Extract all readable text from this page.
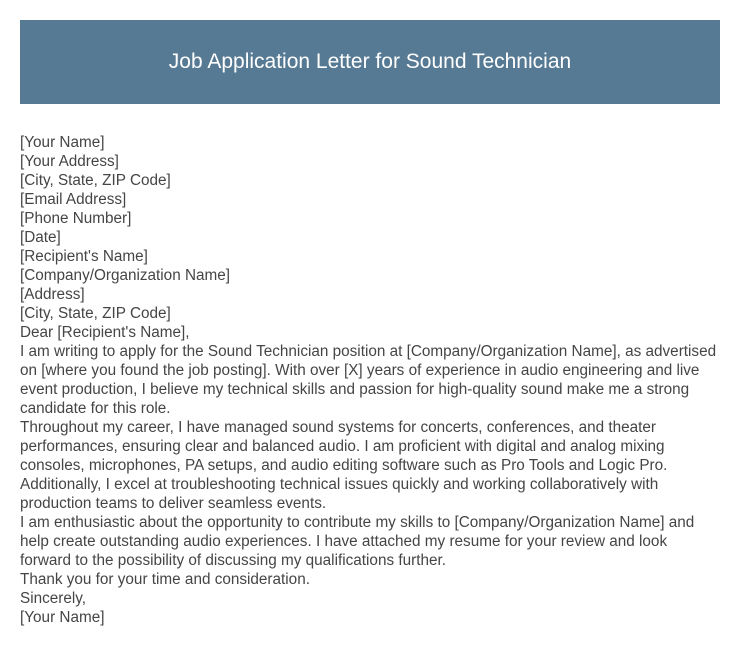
Job Application Letter for Sound Technician
[Your Name]
[Your Address]
[City, State, ZIP Code]
[Email Address]
[Phone Number]
[Date]
[Recipient's Name]
[Company/Organization Name]
[Address]
[City, State, ZIP Code]
Dear [Recipient's Name],
I am writing to apply for the Sound Technician position at [Company/Organization Name], as advertised on [where you found the job posting]. With over [X] years of experience in audio engineering and live event production, I believe my technical skills and passion for high-quality sound make me a strong candidate for this role.
Throughout my career, I have managed sound systems for concerts, conferences, and theater performances, ensuring clear and balanced audio. I am proficient with digital and analog mixing consoles, microphones, PA setups, and audio editing software such as Pro Tools and Logic Pro. Additionally, I excel at troubleshooting technical issues quickly and working collaboratively with production teams to deliver seamless events.
I am enthusiastic about the opportunity to contribute my skills to [Company/Organization Name] and help create outstanding audio experiences. I have attached my resume for your review and look forward to the possibility of discussing my qualifications further.
Thank you for your time and consideration.
Sincerely,
[Your Name]
